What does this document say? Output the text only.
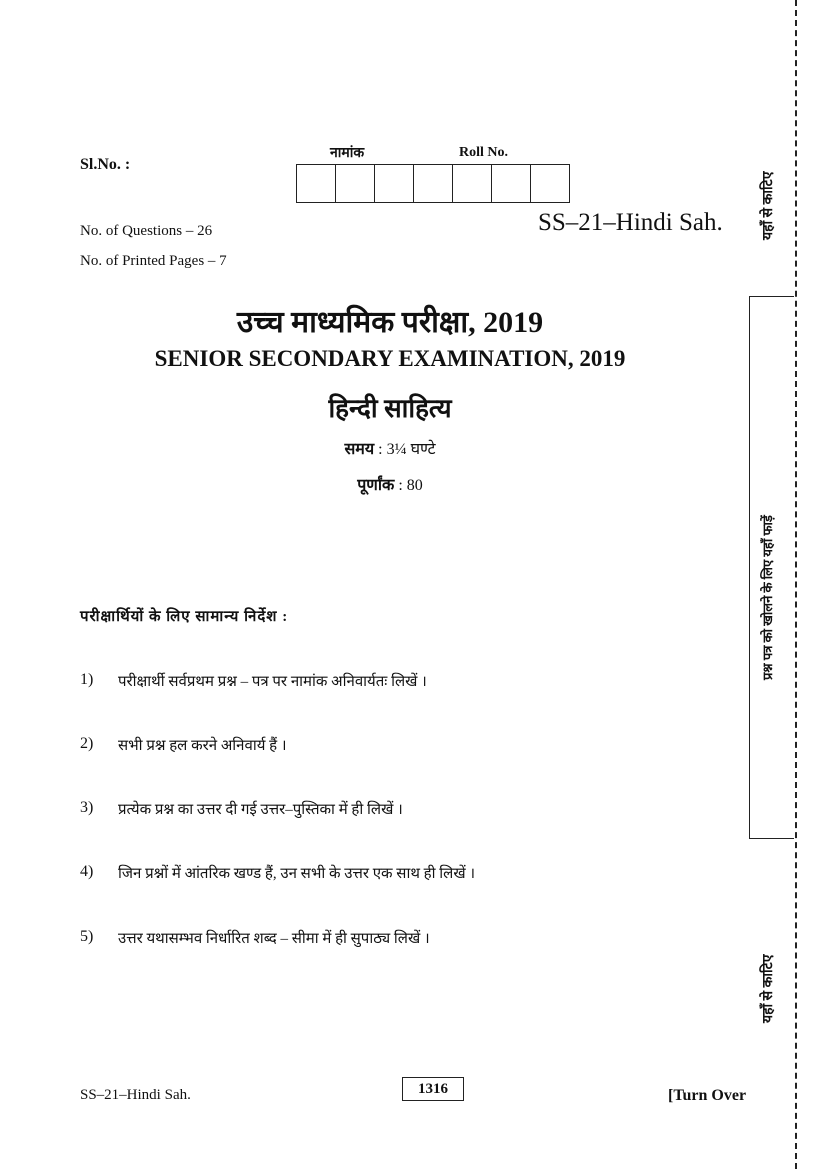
Sl.No. :
नामांक	Roll No.
SS–21–Hindi Sah.
No. of Questions – 26
No. of Printed Pages – 7
उच्च माध्यमिक परीक्षा, 2019
SENIOR SECONDARY EXAMINATION, 2019
हिन्दी साहित्य
समय : 3¼ घण्टे
पूर्णांक : 80
परीक्षार्थियों के लिए सामान्य निर्देश :
1)	परीक्षार्थी सर्वप्रथम प्रश्न – पत्र पर नामांक अनिवार्यतः लिखें ।
2)	सभी प्रश्न हल करने अनिवार्य हैं ।
3)	प्रत्येक प्रश्न का उत्तर दी गई उत्तर–पुस्तिका में ही लिखें ।
4)	जिन प्रश्नों में आंतरिक खण्ड हैं, उन सभी के उत्तर एक साथ ही लिखें ।
5)	उत्तर यथासम्भव निर्धारित शब्द – सीमा में ही सुपाठ्य लिखें ।
SS–21–Hindi Sah.	1316	[Turn Over
यहाँ से काटिए
प्रश्न पत्र को खोलने के लिए यहाँ फाड़ें
यहाँ से काटिए
